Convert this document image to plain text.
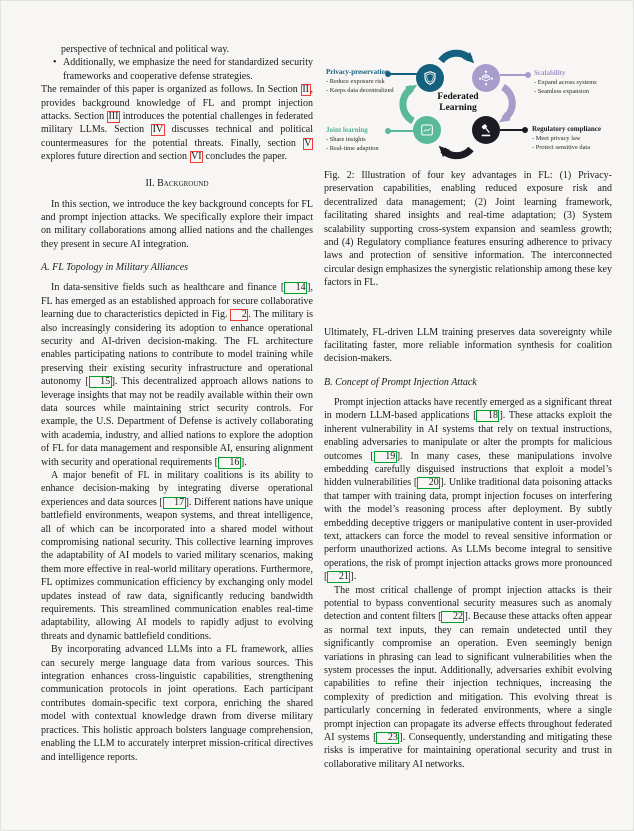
perspective of technical and political way.

• Additionally, we emphasize the need for standardized security frameworks and cooperative defense strategies.

The remainder of this paper is organized as follows. In Section II , provides background knowledge of FL and prompt injection attacks. Section III introduces the potential challenges in federated military LLMs. Section IV discusses technical and political countermeasures for the potential threats. Finally, section V explores future direction and section VI concludes the paper.

II. Background

In this section, we introduce the key background concepts for FL and prompt injection attacks. We specifically explore their impact on military collaborations among allied nations and the challenges they present in secure AI integration.

A. FL Topology in Military Alliances

In data-sensitive fields such as healthcare and finance [ 14 ], FL has emerged as an established approach for secure collaborative learning due to characteristics depicted in Fig. 2 . The military is also increasingly considering its adoption to enhance operational security and AI-driven decision-making. The FL architecture enables participating nations to contribute to model training while preserving their existing security infrastructure and operational autonomy [ 15 ]. This decentralized approach allows nations to leverage insights that may not be readily available within their own data sources while maintaining strict security controls. For example, the U.S. Department of Defense is actively collaborating with academia, industry, and allied nations to explore the adoption of FL for data management and responsible AI, ensuring alignment with security and operational requirements [ 16 ].

A major benefit of FL in military coalitions is its ability to enhance decision-making by integrating diverse operational experiences and data sources [ 17 ]. Different nations have unique battlefield environments, weapon systems, and threat intelligence, all of which can be incorporated into a shared model without compromising national security. This collective learning improves the adaptability of AI models to varied military scenarios, making them more effective in real-world military operations. Furthermore, FL optimizes communication efficiency by exchanging only model updates instead of raw data, significantly reducing bandwidth requirements. This streamlined communication enables real-time adaptability, allowing AI models to rapidly adjust to evolving threats and dynamic battlefield conditions.

By incorporating advanced LLMs into a FL framework, allies can securely merge language data from various sources. This integration enhances cross-linguistic capabilities, strengthening communication protocols in joint operations. Each participant contributes domain-specific text corpora, enriching the shared model with contextual knowledge drawn from diverse military practices. This holistic approach bolsters language comprehension, enabling the LLM to accurately interpret mission-critical directives and intelligence reports.

Federated Learning
Privacy-preservation
- Reduce exposure risk
- Keeps data decentralized
Scalability
- Expand across systems
- Seamless expansion
Joint learning
- Share insights
- Real-time adaption
Regulatory compliance
- Meet privacy law
- Protect sensitive data

Fig. 2: Illustration of four key advantages in FL: (1) Privacy-preservation capabilities, enabling reduced exposure risk and decentralized data management; (2) Joint learning framework, facilitating shared insights and real-time adaptation; (3) System scalability supporting cross-system expansion and seamless growth; and (4) Regulatory compliance features ensuring adherence to privacy laws and protection of sensitive information. The interconnected circular design emphasizes the synergistic relationship among these key factors in FL.

Ultimately, FL-driven LLM training preserves data sovereignty while facilitating faster, more reliable information synthesis for coalition decision-makers.

B. Concept of Prompt Injection Attack

Prompt injection attacks have recently emerged as a significant threat in modern LLM-based applications [ 18 ]. These attacks exploit the inherent vulnerability in AI systems that rely on textual instructions, enabling adversaries to manipulate or alter the prompts for malicious outcomes [ 19 ]. In many cases, these manipulations involve embedding carefully disguised instructions that exploit a model’s hidden vulnerabilities [ 20 ]. Unlike traditional data poisoning attacks that tamper with training data, prompt injection focuses on interfering with the model’s reasoning process after deployment. By subtly embedding deceptive triggers or manipulative content in user-provided text, attackers can force the model to reveal sensitive information or perform unauthorized actions. As LLMs become integral to sensitive operations, the risk of prompt injection attacks grows more pronounced [ 21 ].

The most critical challenge of prompt injection attacks is their potential to bypass conventional security measures such as anomaly detection and content filters [ 22 ]. Because these attacks often appear as normal text inputs, they can remain undetected until they significantly compromise an operation. Even seemingly benign variations in phrasing can lead to significant vulnerabilities when the system processes the input. Additionally, adversaries exhibit evolving capabilities to refine their injection techniques, increasing the complexity of prediction and mitigation. This evolving threat is particularly concerning in federated environments, where a single prompt injection can propagate its adverse effects throughout federated AI systems [ 23 ]. Consequently, understanding and mitigating these risks is imperative for maintaining operational security and trust in collaborative military AI networks.
